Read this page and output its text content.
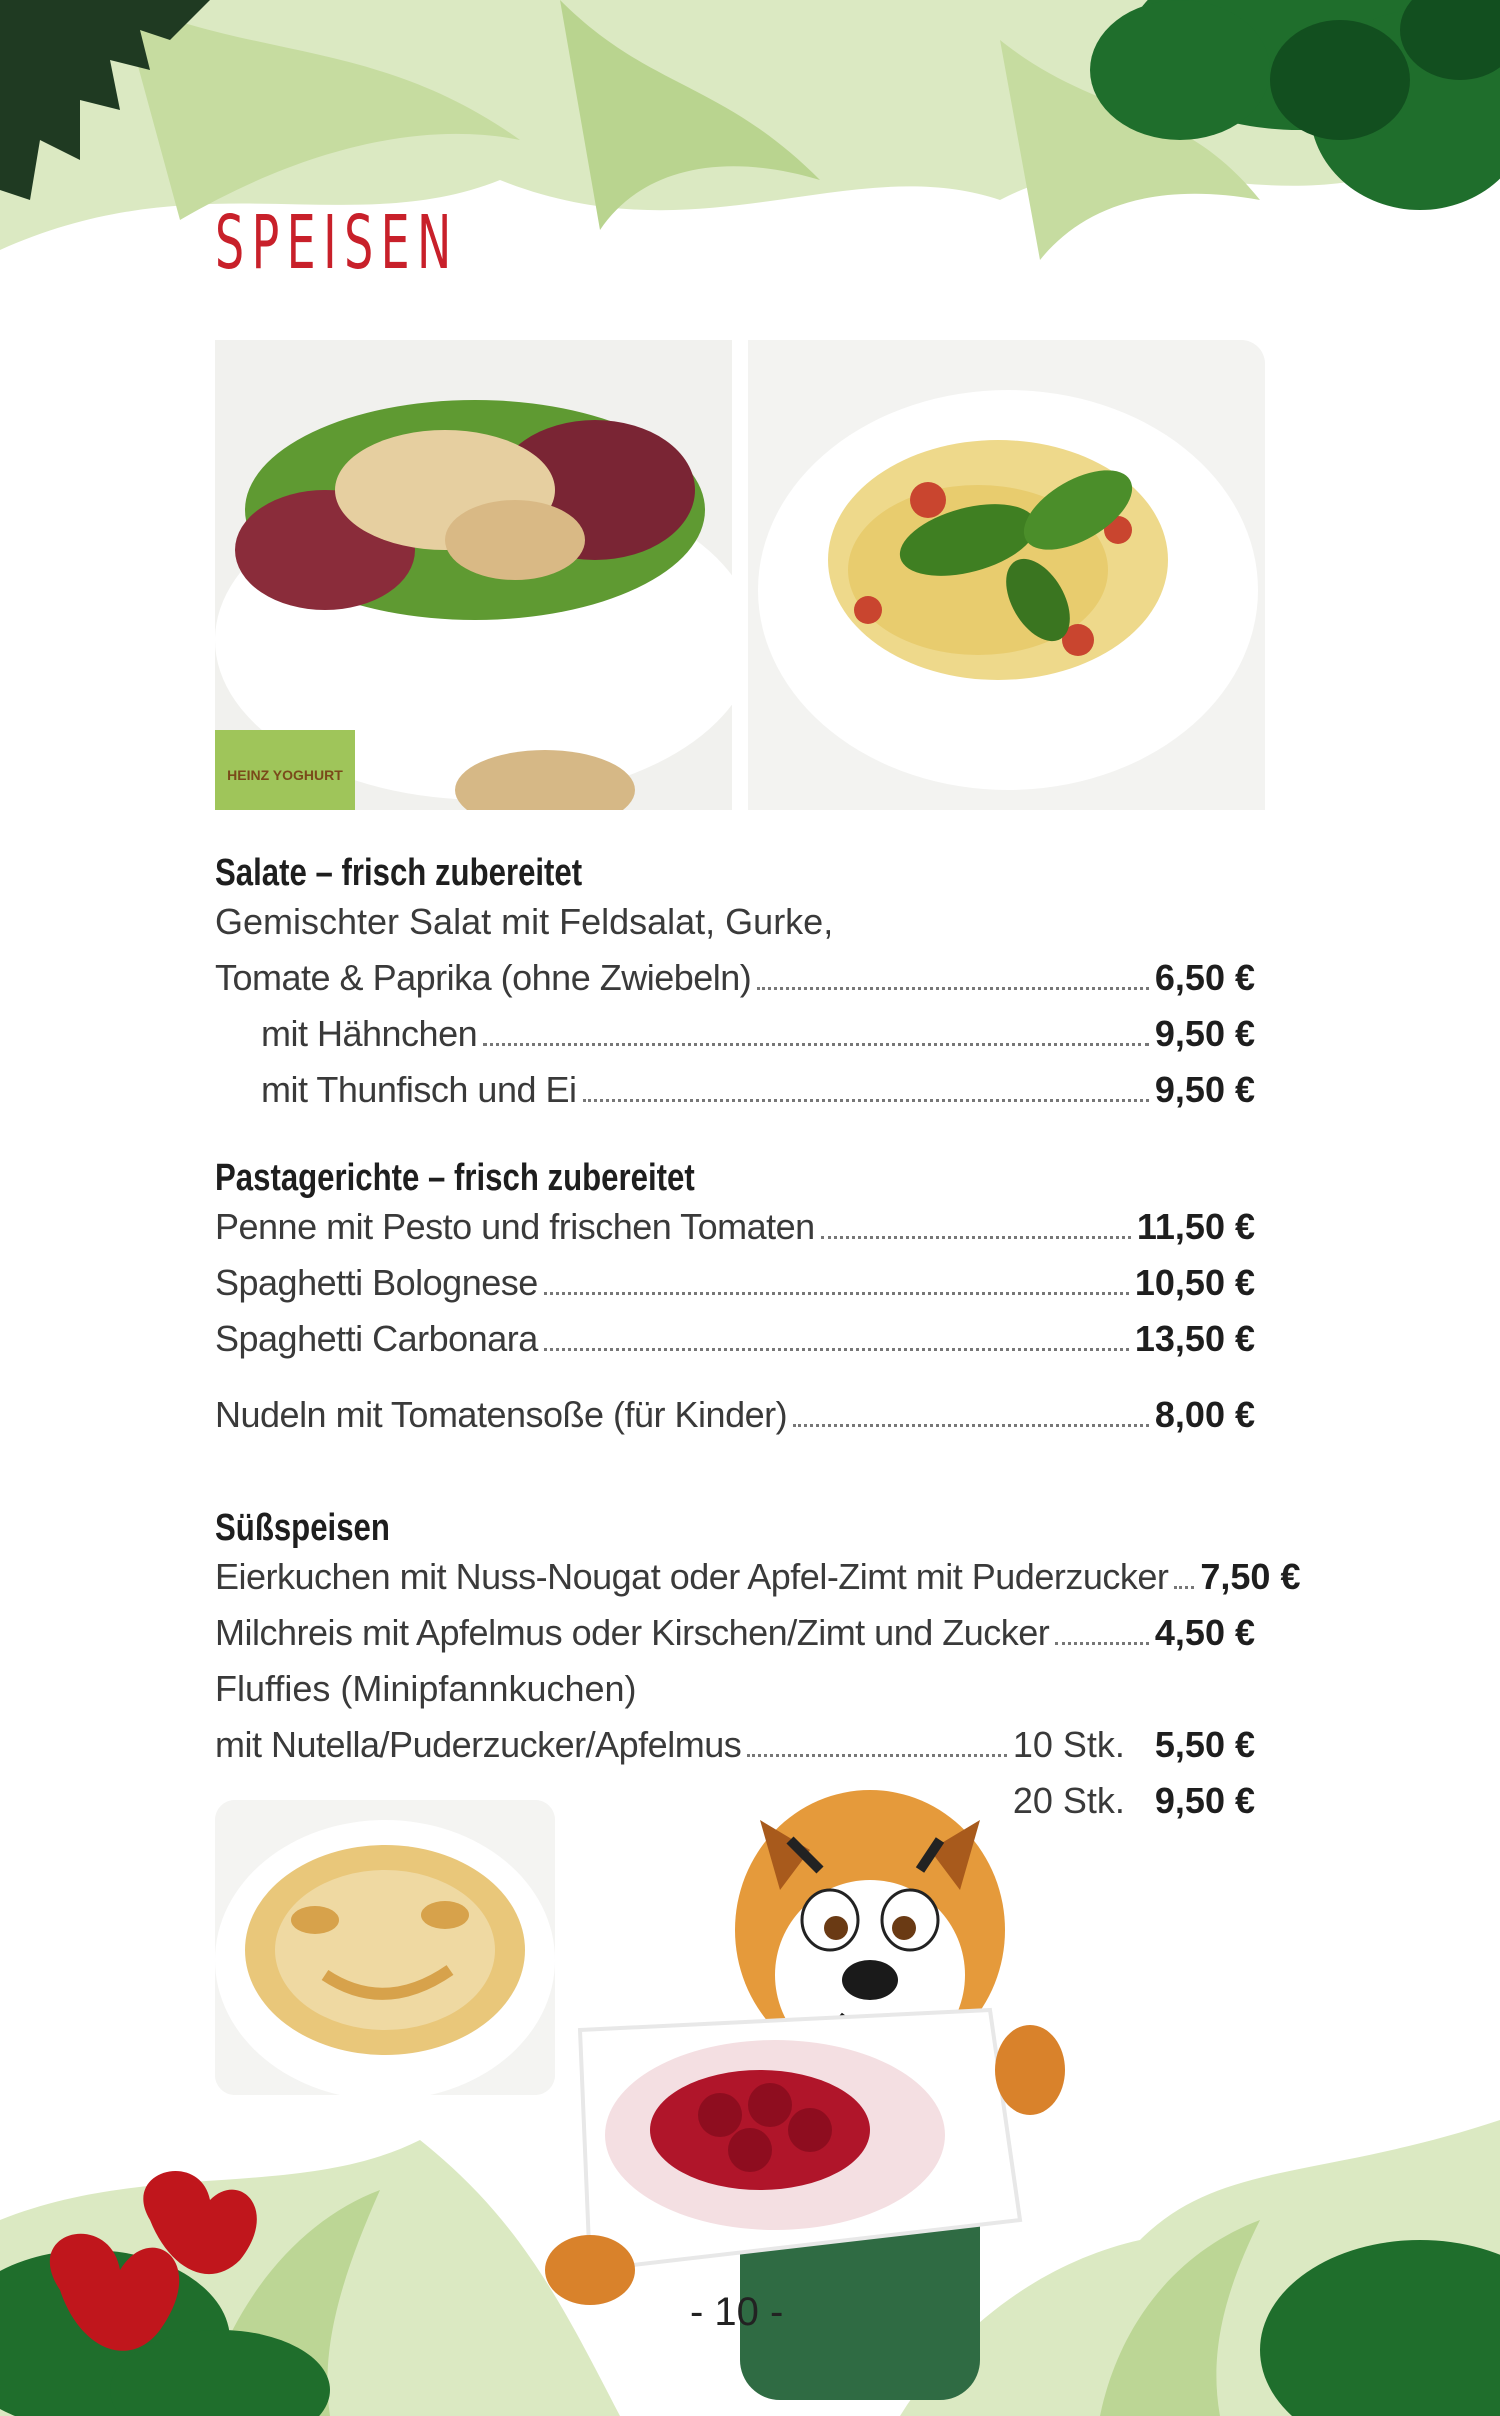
SPEISEN
HEINZ YOGHURT
Salate – frisch zubereitet
Gemischter Salat mit Feldsalat, Gurke,
Tomate & Paprika (ohne Zwiebeln)	6,50 €
mit Hähnchen	9,50 €
mit Thunfisch und Ei	9,50 €
Pastagerichte – frisch zubereitet
Penne mit Pesto und frischen Tomaten	11,50 €
Spaghetti Bolognese	10,50 €
Spaghetti Carbonara	13,50 €
Nudeln mit Tomatensoße (für Kinder)	8,00 €
Süßspeisen
Eierkuchen mit Nuss-Nougat oder Apfel-Zimt mit Puderzucker 7,50 €
Milchreis mit Apfelmus oder Kirschen/Zimt und Zucker	4,50 €
Fluffies (Minipfannkuchen)
mit Nutella/Puderzucker/Apfelmus	10 Stk. 5,50 €
20 Stk. 9,50 €
- 10 -
